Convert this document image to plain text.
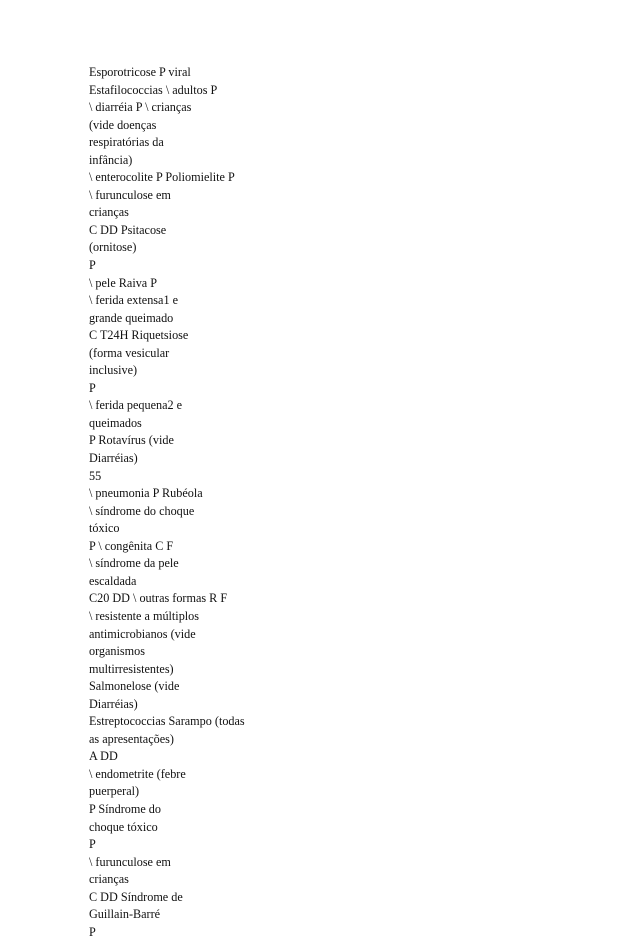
Esporotricose P viral
Estafilococcias \ adultos P
\ diarréia P \ crianças
(vide doenças
respiratórias da
infância)
\ enterocolite P Poliomielite P
\ furunculose em
crianças
C DD Psitacose
(ornitose)
P
\ pele Raiva P
\ ferida extensa1 e
grande queimado
C T24H Riquetsiose
(forma vesicular
inclusive)
P
\ ferida pequena2 e
queimados
P Rotavírus (vide
Diarréias)
55
\ pneumonia P Rubéola
\ síndrome do choque
tóxico
P \ congênita C F
\ síndrome da pele
escaldada
C20 DD \ outras formas R F
\ resistente a múltiplos
antimicrobianos (vide
organismos
multirresistentes)
Salmonelose (vide
Diarréias)
Estreptococcias Sarampo (todas
as apresentações)
A DD
\ endometrite (febre
puerperal)
P Síndrome do
choque tóxico
P
\ furunculose em
crianças
C DD Síndrome de
Guillain-Barré
P
